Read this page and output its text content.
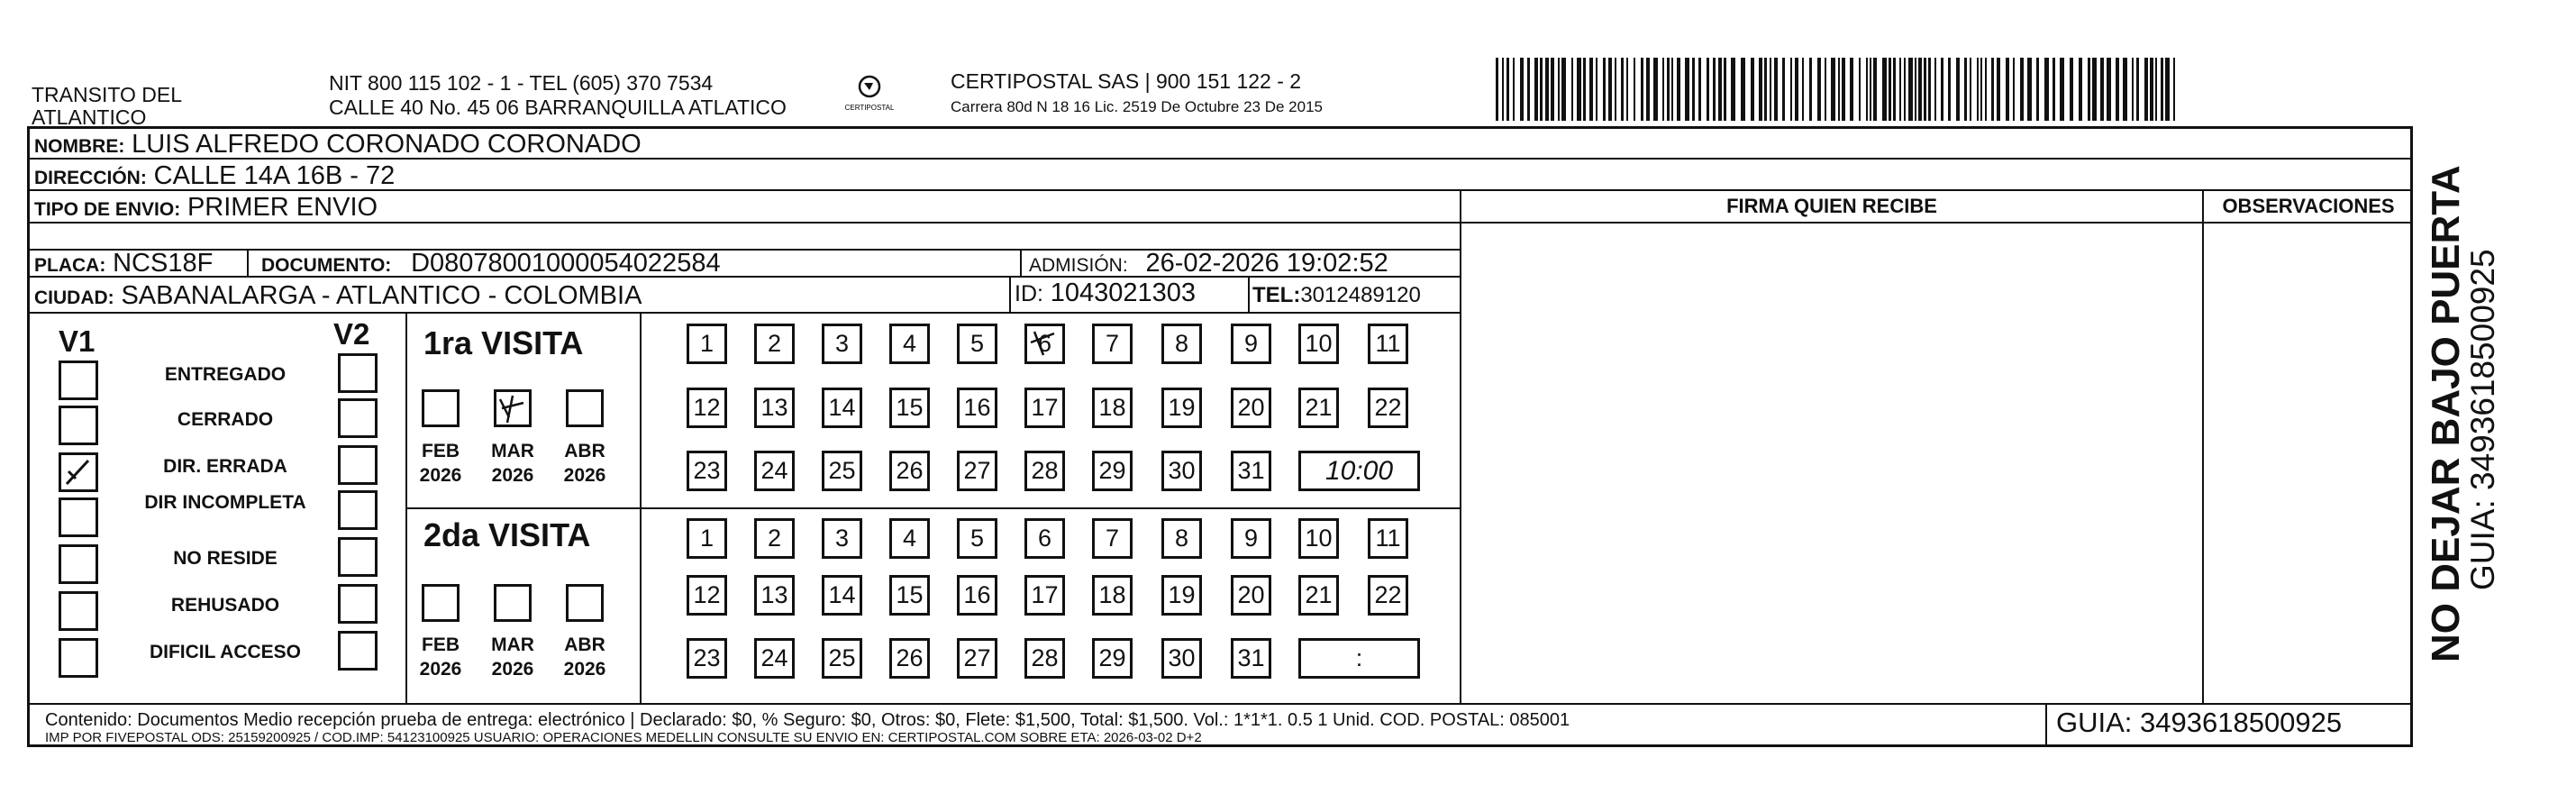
TRANSITO DEL
ATLANTICO
NIT 800 115 102 - 1 - TEL (605) 370 7534
CALLE 40 No. 45 06 BARRANQUILLA ATLATICO	CERTIPOSTAL
CERTIPOSTAL SAS | 900 151 122 - 2
Carrera 80d N 18 16 Lic. 2519 De Octubre 23 De 2015
NOMBRE: LUIS ALFREDO CORONADO CORONADO
DIRECCIÓN: CALLE 14A 16B - 72
TIPO DE ENVIO: PRIMER ENVIO	FIRMA QUIEN RECIBE	OBSERVACIONES
PLACA: NCS18F	DOCUMENTO: D08078001000054022584	ADMISIÓN: 26-02-2026 19:02:52
CIUDAD: SABANALARGA - ATLANTICO - COLOMBIA	ID: 1043021303	TEL:3012489120
V1	V2
ENTREGADO
CERRADO
DIR. ERRADA
DIR INCOMPLETA
NO RESIDE
REHUSADO
DIFICIL ACCESO
1ra VISITA
2da VISITA
FEB
2026
MAR
2026
ABR
2026
FEB
2026
MAR
2026
ABR
2026
1	2	3	4	5	6	7	8	9	10	11
12 13 14 15 16 17 18 19 20 21 22
23 24 25 26 27 28 29 30 31	10:00
1	2	3	4	5	6	7	8	9	10	11
12 13 14 15 16 17 18 19 20 21 22
23 24 25 26 27 28 29 30 31	:
Contenido: Documentos Medio recepción prueba de entrega: electrónico | Declarado: $0, % Seguro: $0, Otros: $0, Flete: $1,500, Total: $1,500. Vol.: 1*1*1. 0.5 1 Unid. COD. POSTAL: 085001
IMP POR FIVEPOSTAL ODS: 25159200925 / COD.IMP: 54123100925 USUARIO: OPERACIONES MEDELLIN CONSULTE SU ENVIO EN: CERTIPOSTAL.COM SOBRE ETA: 2026-03-02 D+2	GUIA: 3493618500925
NO DEJAR BAJO PUERTA
GUIA: 3493618500925
